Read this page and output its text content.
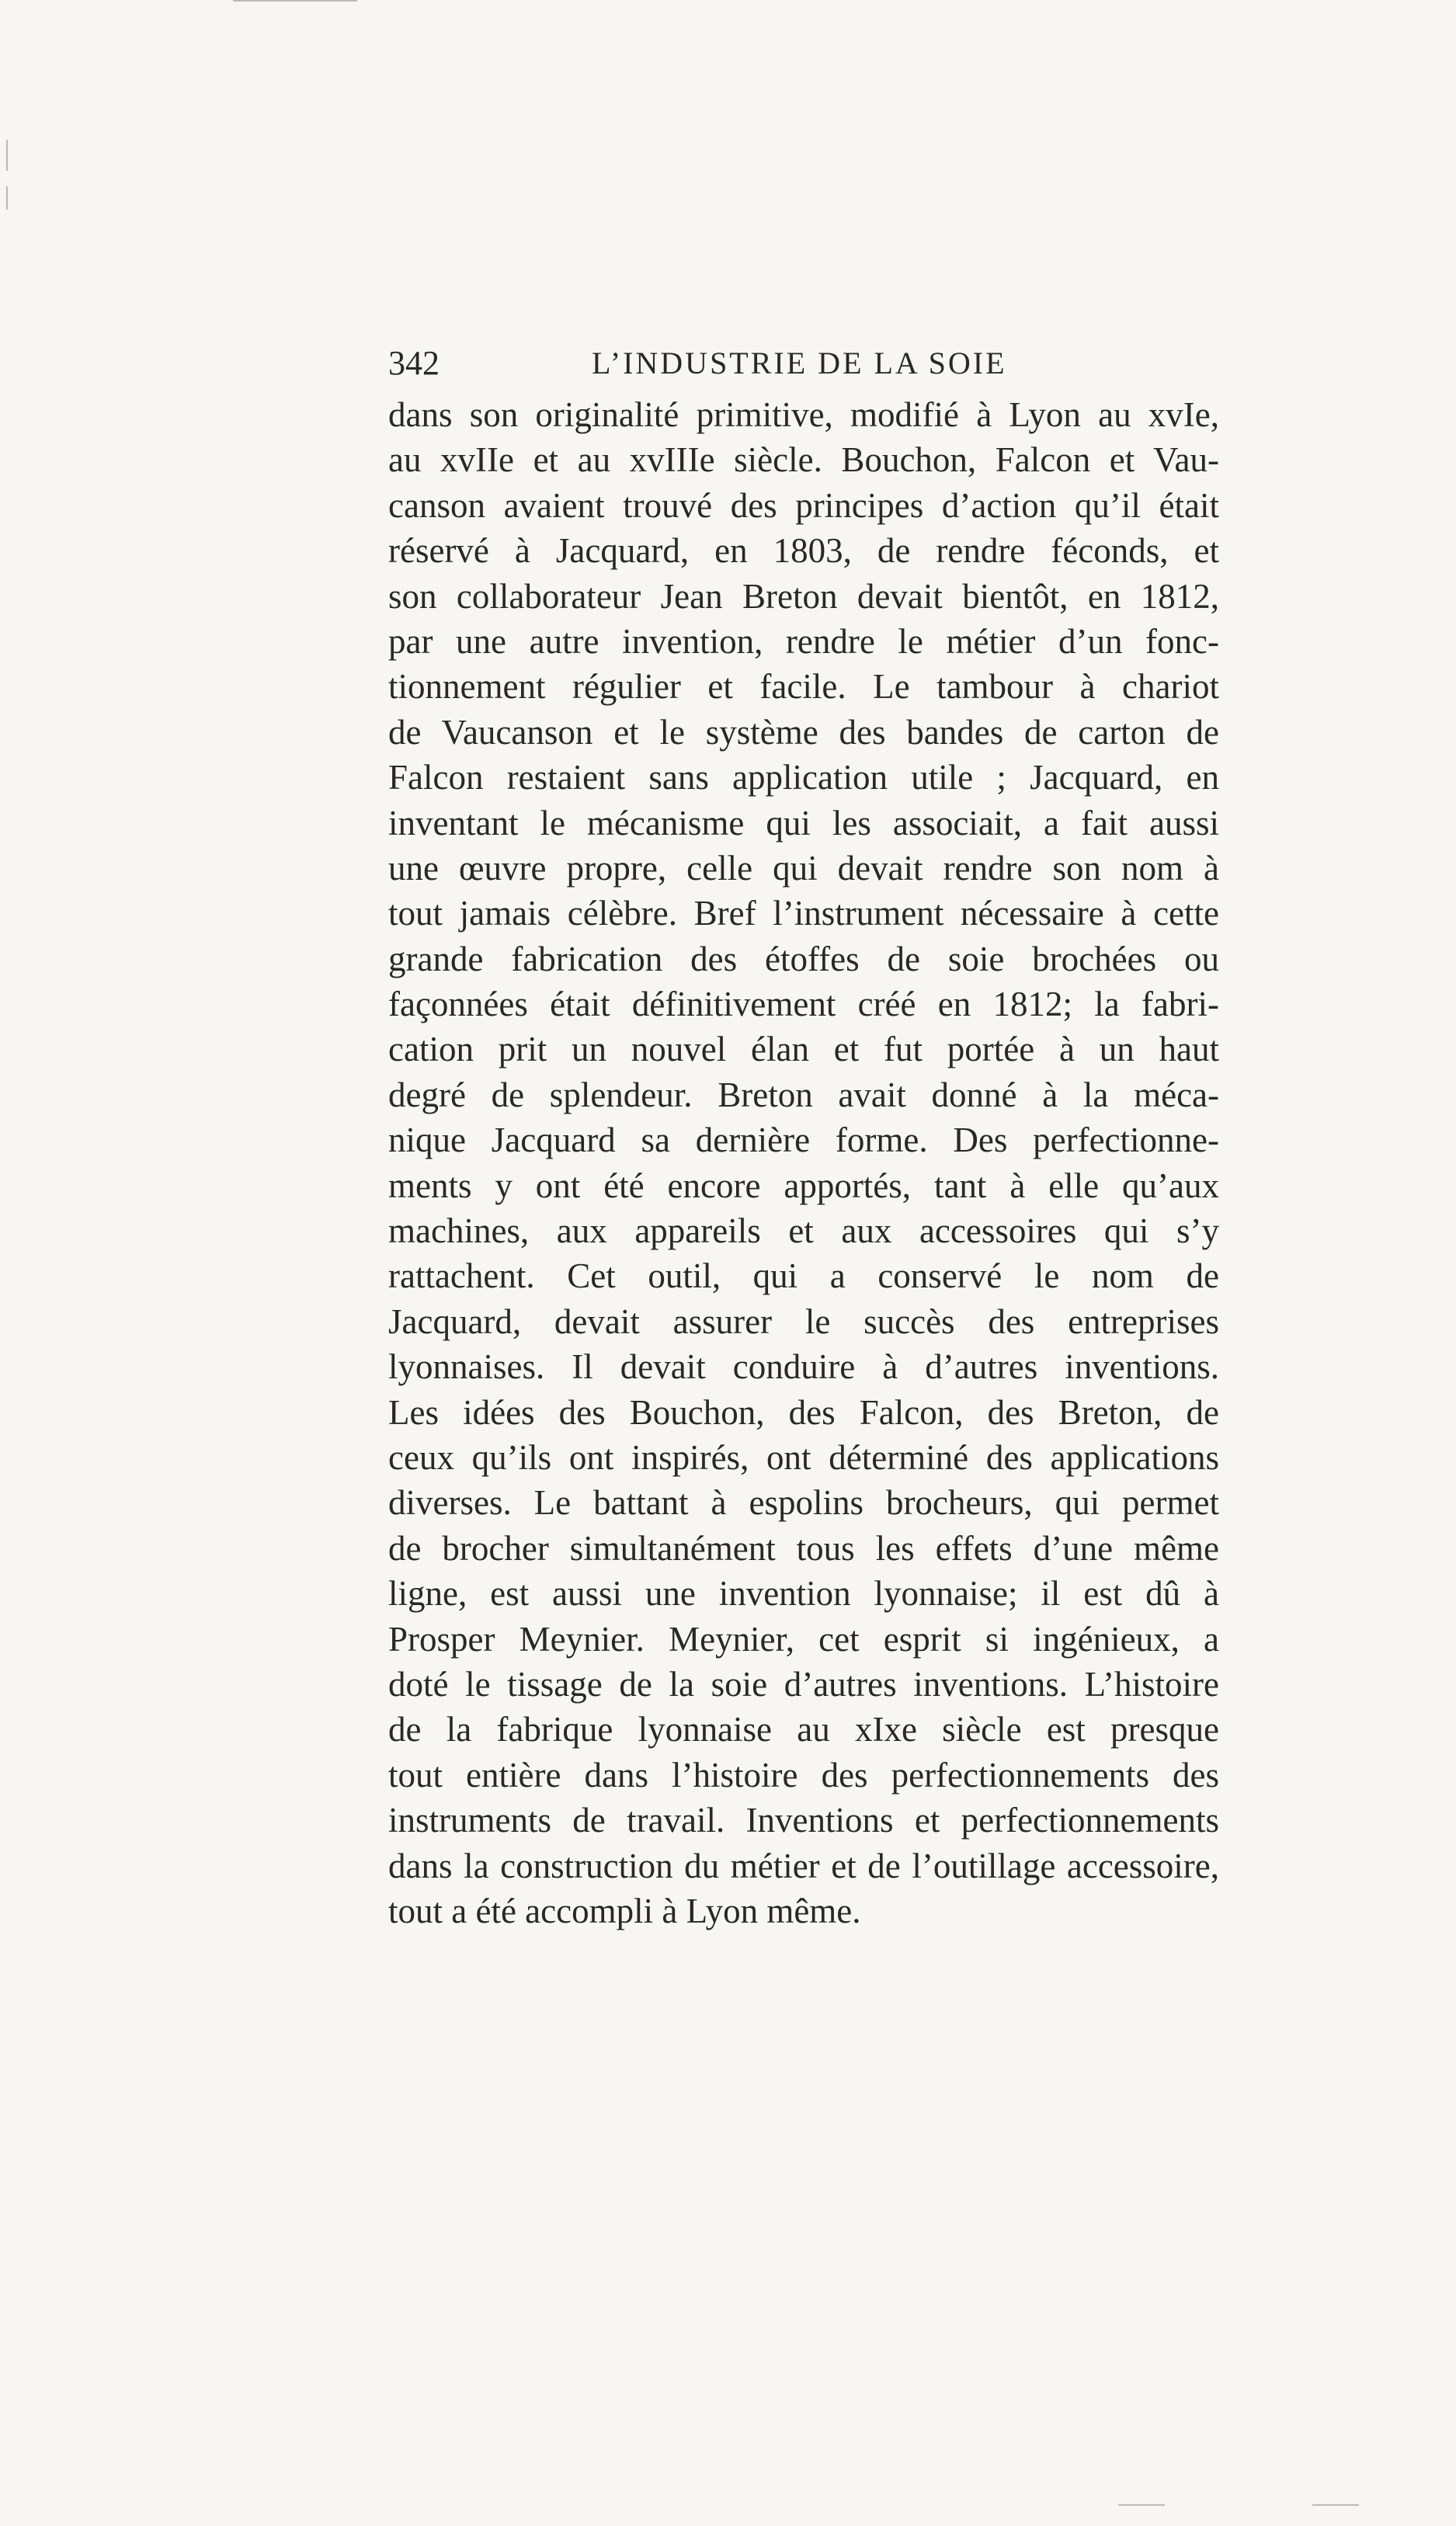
342	L’INDUSTRIE DE LA SOIE
dans son originalité primitive, modifié à Lyon au xvIe,
au xvIIe et au xvIIIe siècle. Bouchon, Falcon et Vau-
canson avaient trouvé des principes d’action qu’il était
réservé à Jacquard, en 1803, de rendre féconds, et
son collaborateur Jean Breton devait bientôt, en 1812,
par une autre invention, rendre le métier d’un fonc-
tionnement régulier et facile. Le tambour à chariot
de Vaucanson et le système des bandes de carton de
Falcon restaient sans application utile ; Jacquard, en
inventant le mécanisme qui les associait, a fait aussi
une œuvre propre, celle qui devait rendre son nom à
tout jamais célèbre. Bref l’instrument nécessaire à cette
grande fabrication des étoffes de soie brochées ou
façonnées était définitivement créé en 1812; la fabri-
cation prit un nouvel élan et fut portée à un haut
degré de splendeur. Breton avait donné à la méca-
nique Jacquard sa dernière forme. Des perfectionne-
ments y ont été encore apportés, tant à elle qu’aux
machines, aux appareils et aux accessoires qui s’y
rattachent. Cet outil, qui a conservé le nom de
Jacquard, devait assurer le succès des entreprises
lyonnaises. Il devait conduire à d’autres inventions.
Les idées des Bouchon, des Falcon, des Breton, de
ceux qu’ils ont inspirés, ont déterminé des applications
diverses. Le battant à espolins brocheurs, qui permet
de brocher simultanément tous les effets d’une même
ligne, est aussi une invention lyonnaise; il est dû à
Prosper Meynier. Meynier, cet esprit si ingénieux, a
doté le tissage de la soie d’autres inventions. L’histoire
de la fabrique lyonnaise au xIxe siècle est presque
tout entière dans l’histoire des perfectionnements des
instruments de travail. Inventions et perfectionnements
dans la construction du métier et de l’outillage accessoire,
tout a été accompli à Lyon même.
